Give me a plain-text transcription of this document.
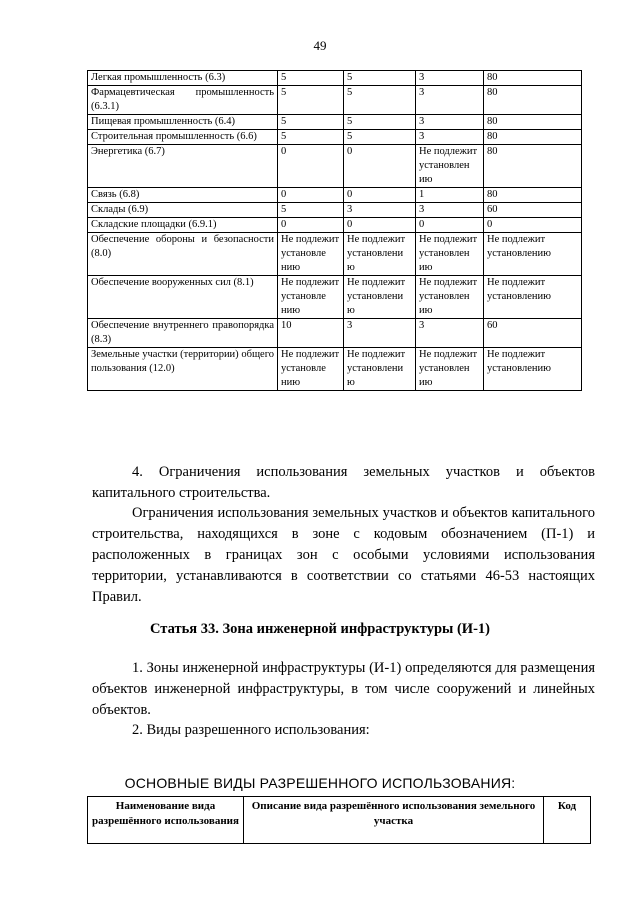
49
Легкая промышленность (6.3)	5	5	3	80
Фармацевтическая промышленность (6.3.1)	5	5	3	80
Пищевая промышленность (6.4)	5	5	3	80
Строительная промышленность (6.6)	5	5	3	80
Энергетика (6.7)	0	0	Не подлежит установлен ию	80
Связь (6.8)	0	0	1	80
Склады (6.9)	5	3	3	60
Складские площадки (6.9.1)	0	0	0	0
Обеспечение обороны и безопасности (8.0)	Не подлежит установле нию	Не подлежит установлени ю	Не подлежит установлен ию	Не подлежит установлению
Обеспечение вооруженных сил (8.1)	Не подлежит установле нию	Не подлежит установлени ю	Не подлежит установлен ию	Не подлежит установлению
Обеспечение внутреннего правопорядка (8.3)	10	3	3	60
Земельные участки (территории) общего пользования (12.0)	Не подлежит установле нию	Не подлежит установлени ю	Не подлежит установлен ию	Не подлежит установлению

4. Ограничения использования земельных участков и объектов капитального строительства.

Ограничения использования земельных участков и объектов капитального строительства, находящихся в зоне с кодовым обозначением (П-1) и расположенных в границах зон с особыми условиями использования территории, устанавливаются в соответствии со статьями 46-53 настоящих Правил.

Статья 33. Зона инженерной инфраструктуры (И-1)

1. Зоны инженерной инфраструктуры (И-1) определяются для размещения объектов инженерной инфраструктуры, в том числе сооружений и линейных объектов.

2. Виды разрешенного использования:

ОСНОВНЫЕ ВИДЫ РАЗРЕШЕННОГО ИСПОЛЬЗОВАНИЯ:
Наименование вида разрешённого использования	Описание вида разрешённого использования земельного участка	Код
